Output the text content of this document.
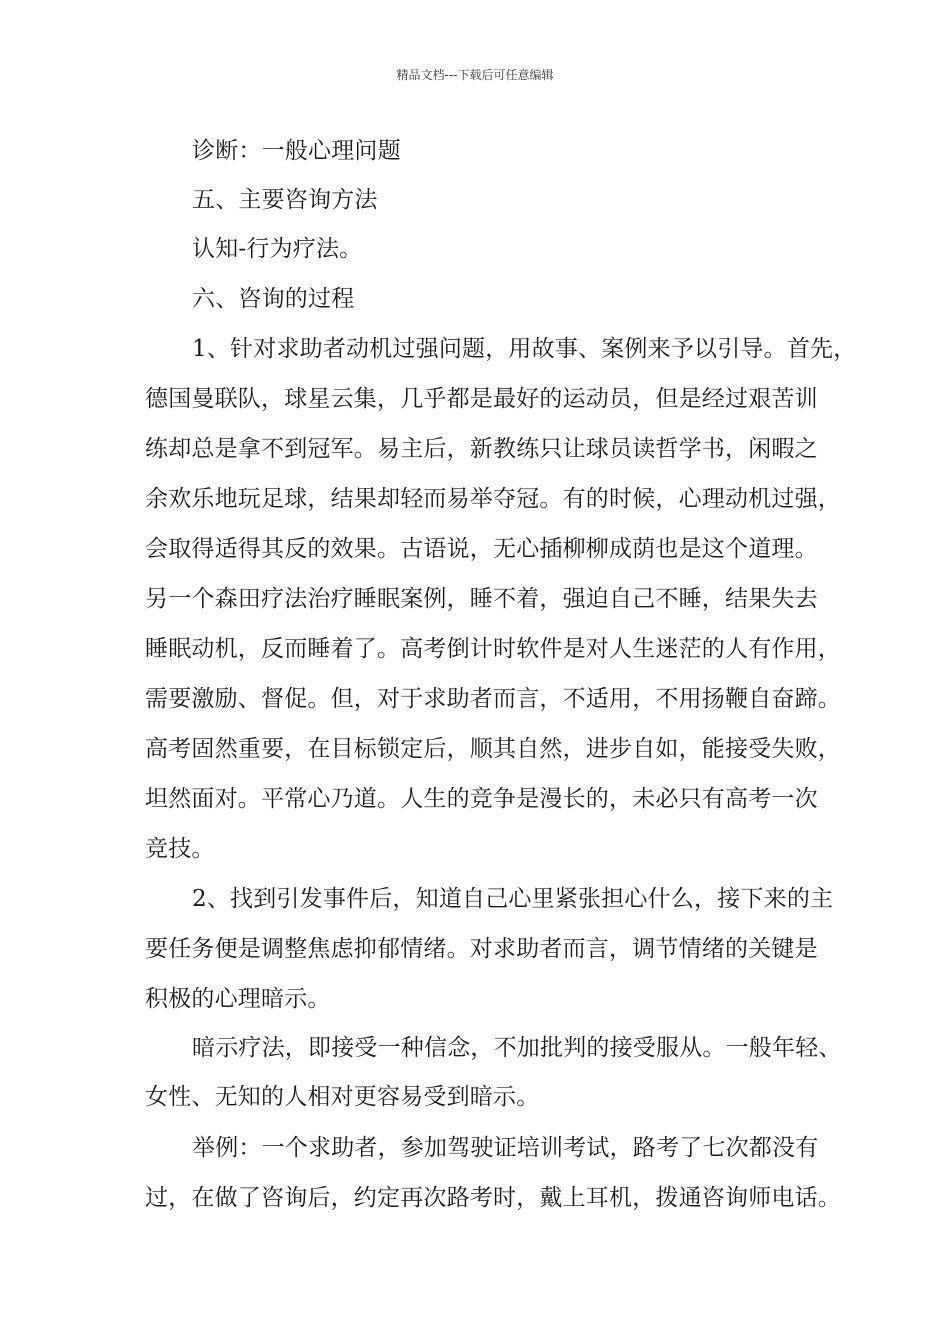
精品文档---下载后可任意编辑
诊断：一般心理问题
五、主要咨询方法
认知-行为疗法。
六、咨询的过程
1、针对求助者动机过强问题，用故事、案例来予以引导。首先，
德国曼联队，球星云集，几乎都是最好的运动员，但是经过艰苦训
练却总是拿不到冠军。易主后，新教练只让球员读哲学书，闲暇之
余欢乐地玩足球，结果却轻而易举夺冠。有的时候，心理动机过强，
会取得适得其反的效果。古语说，无心插柳柳成荫也是这个道理。
另一个森田疗法治疗睡眠案例，睡不着，强迫自己不睡，结果失去
睡眠动机，反而睡着了。高考倒计时软件是对人生迷茫的人有作用，
需要激励、督促。但，对于求助者而言，不适用，不用扬鞭自奋蹄。
高考固然重要，在目标锁定后，顺其自然，进步自如，能接受失败，
坦然面对。平常心乃道。人生的竞争是漫长的，未必只有高考一次
竞技。
2、找到引发事件后，知道自己心里紧张担心什么，接下来的主
要任务便是调整焦虑抑郁情绪。对求助者而言，调节情绪的关键是
积极的心理暗示。
暗示疗法，即接受一种信念，不加批判的接受服从。一般年轻、
女性、无知的人相对更容易受到暗示。
举例：一个求助者，参加驾驶证培训考试，路考了七次都没有
过，在做了咨询后，约定再次路考时，戴上耳机，拨通咨询师电话。
